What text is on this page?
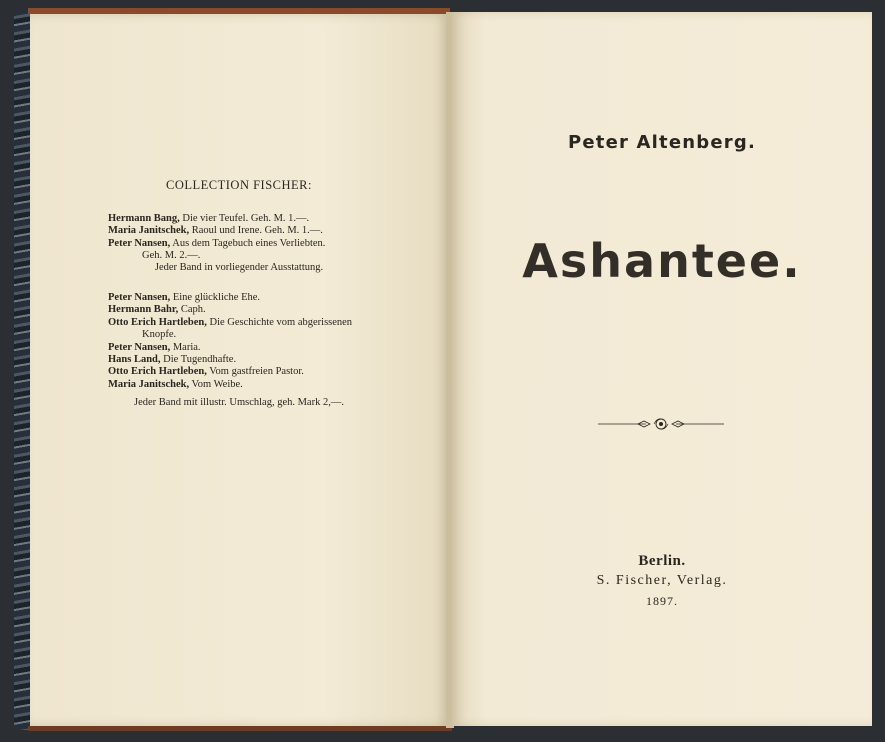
COLLECTION FISCHER:
Hermann Bang, Die vier Teufel. Geh. M. 1.—.
Maria Janitschek, Raoul und Irene. Geh. M. 1.—.
Peter Nansen, Aus dem Tagebuch eines Verliebten.
Geh. M. 2.—.
Jeder Band in vorliegender Ausstattung.
Peter Nansen, Eine glückliche Ehe.
Hermann Bahr, Caph.
Otto Erich Hartleben, Die Geschichte vom abgerissenen
Knopfe.
Peter Nansen, Maria.
Hans Land, Die Tugendhafte.
Otto Erich Hartleben, Vom gastfreien Pastor.
Maria Janitschek, Vom Weibe.
Jeder Band mit illustr. Umschlag, geh. Mark 2,—.
Peter Altenberg.
Ashantee.
Berlin.
S. Fischer, Verlag.
1897.
